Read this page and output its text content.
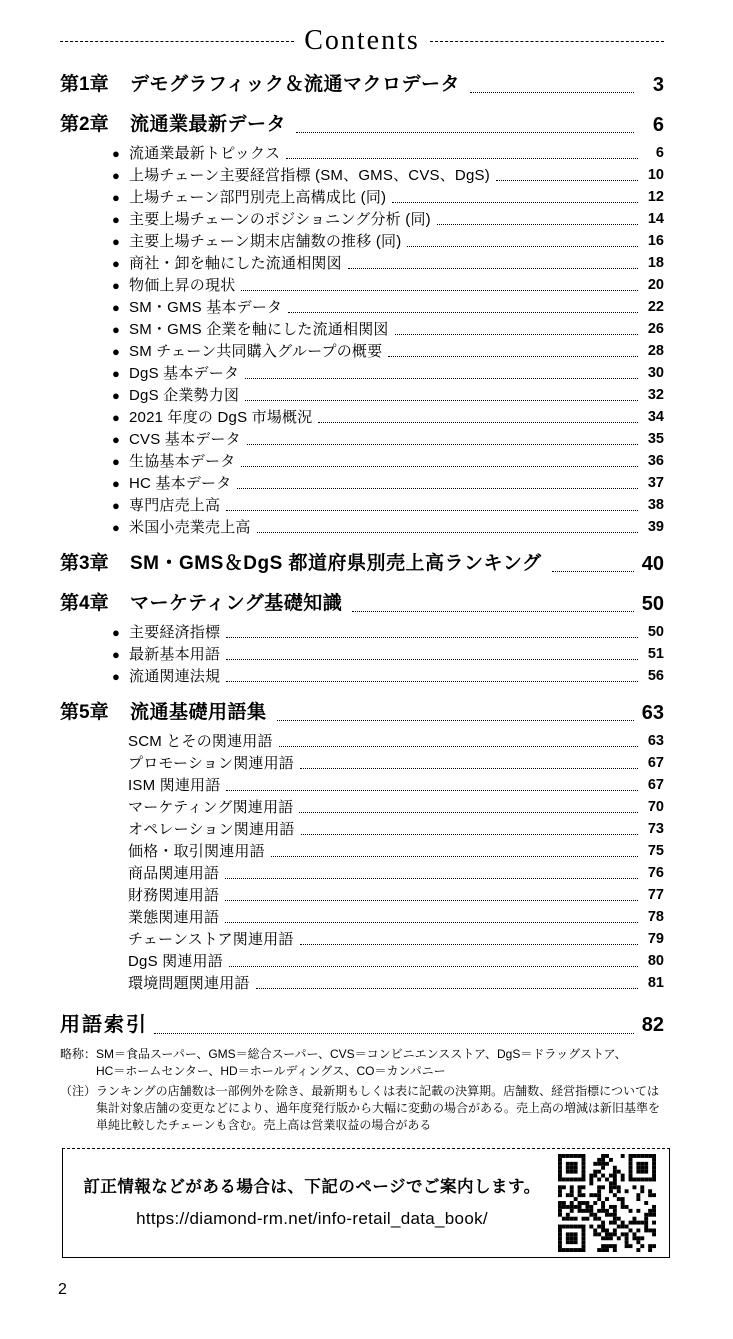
Contents
第1章	デモグラフィック＆流通マクロデータ	3
第2章	流通業最新データ	6
● 流通業最新トピックス	6
● 上場チェーン主要経営指標 (SM、GMS、CVS、DgS)	10
● 上場チェーン部門別売上高構成比 (同)	12
● 主要上場チェーンのポジショニング分析 (同)	14
● 主要上場チェーン期末店舗数の推移 (同)	16
● 商社・卸を軸にした流通相関図	18
● 物価上昇の現状	20
● SM・GMS 基本データ	22
● SM・GMS 企業を軸にした流通相関図	26
● SM チェーン共同購入グループの概要	28
● DgS 基本データ	30
● DgS 企業勢力図	32
● 2021 年度の DgS 市場概況	34
● CVS 基本データ	35
● 生協基本データ	36
● HC 基本データ	37
● 専門店売上高	38
● 米国小売業売上高	39
第3章	SM・GMS＆DgS 都道府県別売上高ランキング	40
第4章	マーケティング基礎知識	50
● 主要経済指標	50
● 最新基本用語	51
● 流通関連法規	56
第5章	流通基礎用語集	63
SCM とその関連用語	63
プロモーション関連用語	67
ISM 関連用語	67
マーケティング関連用語	70
オペレーション関連用語	73
価格・取引関連用語	75
商品関連用語	76
財務関連用語	77
業態関連用語	78
チェーンストア関連用語	79
DgS 関連用語	80
環境問題関連用語	81
用語索引	82
略称： SM＝食品スーパー、GMS＝総合スーパー、CVS＝コンビニエンスストア、DgS＝ドラッグストア、
HC＝ホームセンター、HD＝ホールディングス、CO＝カンパニー
（注） ランキングの店舗数は一部例外を除き、最新期もしくは表に記載の決算期。店舗数、経営指標については集計対象店舗の変更などにより、過年度発行版から大幅に変動の場合がある。売上高の増減は新旧基準を単純比較したチェーンも含む。売上高は営業収益の場合がある
訂正情報などがある場合は、下記のページでご案内します。
https://diamond-rm.net/info-retail_data_book/
2
